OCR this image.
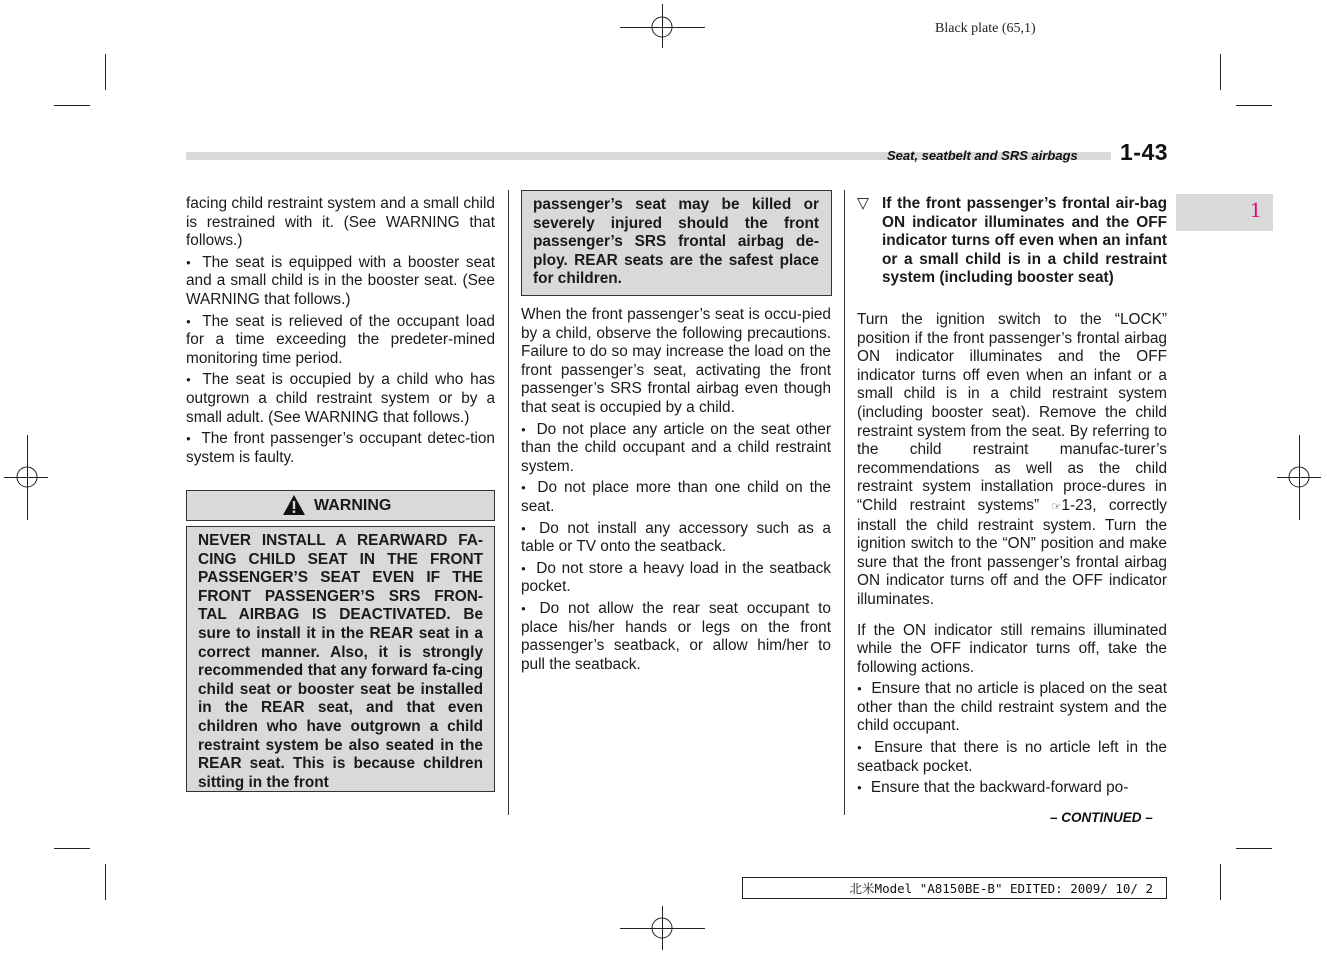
Black plate (65,1)
Seat, seatbelt and SRS airbags 1-43
1

facing child restraint system and a small child is restrained with it. (See WARNING that follows.)

● The seat is equipped with a booster seat and a small child is in the booster seat. (See WARNING that follows.)

● The seat is relieved of the occupant load for a time exceeding the predeter-mined monitoring time period.

● The seat is occupied by a child who has outgrown a child restraint system or by a small adult. (See WARNING that follows.)

● The front passenger’s occupant detec-tion system is faulty.

WARNING
NEVER INSTALL A REARWARD FA-CING CHILD SEAT IN THE FRONT PASSENGER’S SEAT EVEN IF THE FRONT PASSENGER’S SRS FRON-TAL AIRBAG IS DEACTIVATED. Be sure to install it in the REAR seat in a correct manner. Also, it is strongly recommended that any forward fa-cing child seat or booster seat be installed in the REAR seat, and that even children who have outgrown a child restraint system be also seated in the REAR seat. This is because children sitting in the front
passenger’s seat may be killed or severely injured should the front passenger’s SRS frontal airbag de-ploy. REAR seats are the safest place for children.

When the front passenger’s seat is occu-pied by a child, observe the following precautions. Failure to do so may increase the load on the front passenger’s seat, activating the front passenger’s SRS frontal airbag even though that seat is occupied by a child.

● Do not place any article on the seat other than the child occupant and a child restraint system.

● Do not place more than one child on the seat.

● Do not install any accessory such as a table or TV onto the seatback.

● Do not store a heavy load in the seatback pocket.

● Do not allow the rear seat occupant to place his/her hands or legs on the front passenger’s seatback, or allow him/her to pull the seatback.

▽ If the front passenger’s frontal air-bag ON indicator illuminates and the OFF indicator turns off even when an infant or a small child is in a child restraint system (including booster seat)

Turn the ignition switch to the “LOCK” position if the front passenger’s frontal airbag ON indicator illuminates and the OFF indicator turns off even when an infant or a small child is in a child restraint system (including booster seat). Remove the child restraint system from the seat. By referring to the child restraint manufac-turer’s recommendations as well as the child restraint system installation proce-dures in “Child restraint systems” ☞1-23, correctly install the child restraint system. Turn the ignition switch to the “ON” position and make sure that the front passenger’s frontal airbag ON indicator turns off and the OFF indicator illuminates.

If the ON indicator still remains illuminated while the OFF indicator turns off, take the following actions.

● Ensure that no article is placed on the seat other than the child restraint system and the child occupant.

● Ensure that there is no article left in the seatback pocket.

● Ensure that the backward-forward po-

– CONTINUED –
北米Model "A8150BE-B" EDITED: 2009/ 10/ 2
